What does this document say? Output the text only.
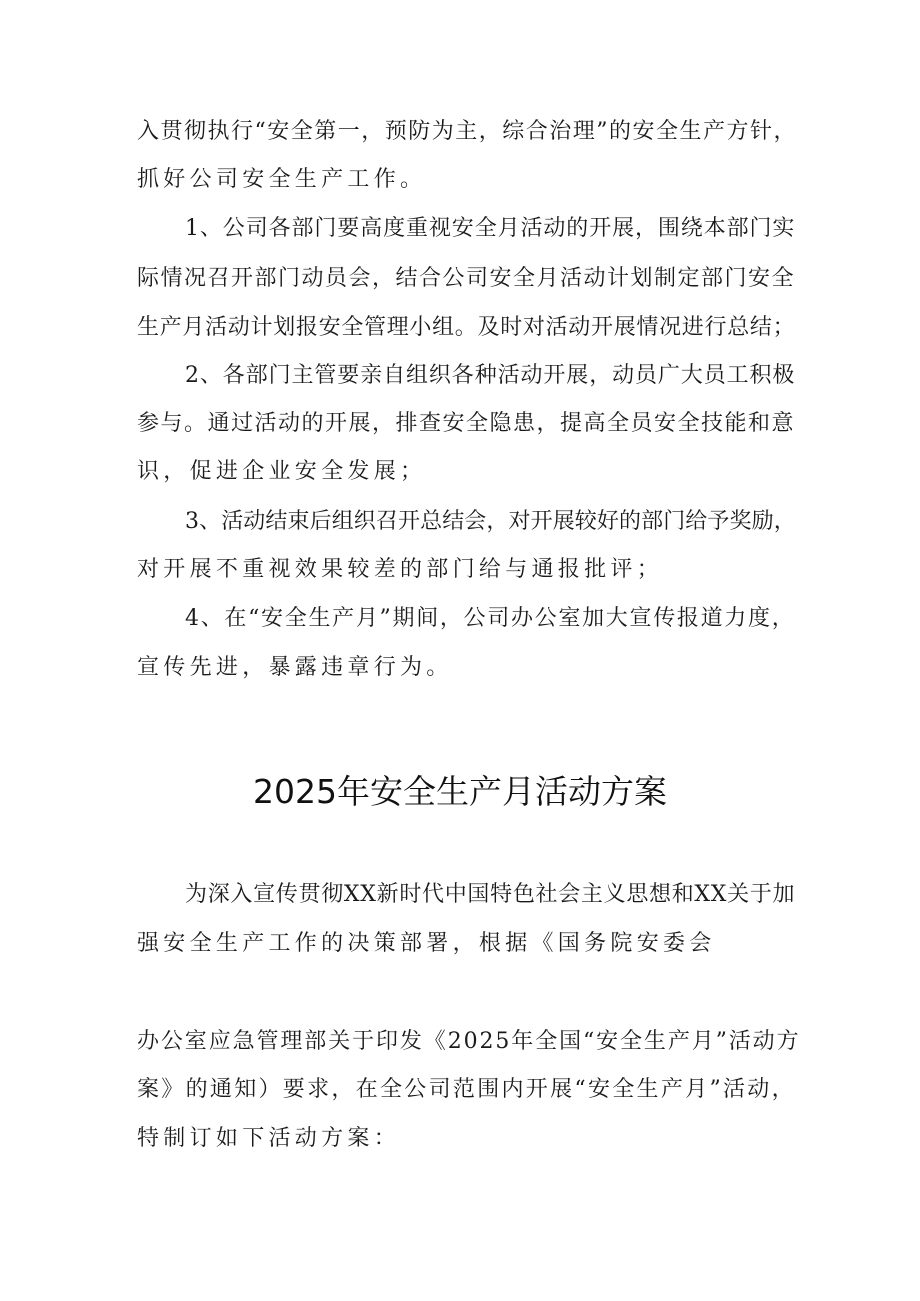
入贯彻执行“安全第一，预防为主，综合治理”的安全生产方针，
抓好公司安全生产工作。
1、公司各部门要高度重视安全月活动的开展，围绕本部门实
际情况召开部门动员会，结合公司安全月活动计划制定部门安全
生产月活动计划报安全管理小组。及时对活动开展情况进行总结；
2、各部门主管要亲自组织各种活动开展，动员广大员工积极
参与。通过活动的开展，排查安全隐患，提高全员安全技能和意
识，促进企业安全发展；
3、活动结束后组织召开总结会，对开展较好的部门给予奖励，
对开展不重视效果较差的部门给与通报批评；
4、在“安全生产月”期间，公司办公室加大宣传报道力度，
宣传先进，暴露违章行为。
2025年安全生产月活动方案
为深入宣传贯彻XX新时代中国特色社会主义思想和XX关于加
强安全生产工作的决策部署，根据《国务院安委会
办公室应急管理部关于印发《2025年全国“安全生产月”活动方
案》的通知）要求，在全公司范围内开展“安全生产月”活动，
特制订如下活动方案：
